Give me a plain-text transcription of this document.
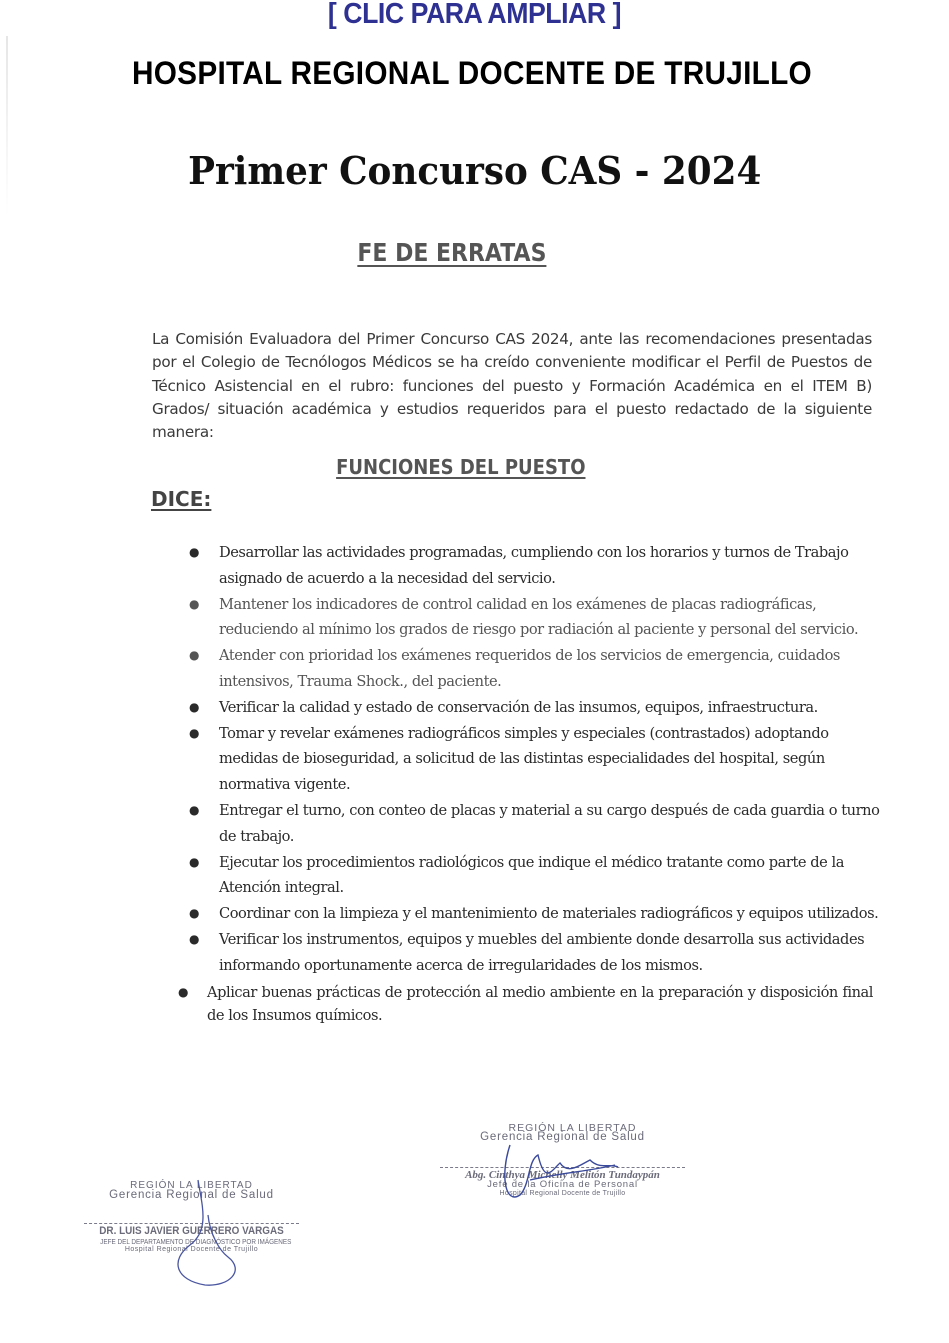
[ CLIC PARA AMPLIAR ]
HOSPITAL REGIONAL DOCENTE DE TRUJILLO
Primer Concurso CAS - 2024
FE DE ERRATAS

La Comisión Evaluadora del Primer Concurso CAS 2024, ante las recomendaciones presentadas por el Colegio de Tecnólogos Médicos se ha creído conveniente modificar el Perfil de Puestos de Técnico Asistencial en el rubro: funciones del puesto y Formación Académica en el ITEM B) Grados/ situación académica y estudios requeridos para el puesto redactado de la siguiente manera:

FUNCIONES DEL PUESTO
DICE:
● Desarrollar las actividades programadas, cumpliendo con los horarios y turnos de Trabajo asignado de acuerdo a la necesidad del servicio.
● Mantener los indicadores de control calidad en los exámenes de placas radiográficas, reduciendo al mínimo los grados de riesgo por radiación al paciente y personal del servicio.
● Atender con prioridad los exámenes requeridos de los servicios de emergencia, cuidados intensivos, Trauma Shock., del paciente.
● Verificar la calidad y estado de conservación de las insumos, equipos, infraestructura.
● Tomar y revelar exámenes radiográficos simples y especiales (contrastados) adoptando medidas de bioseguridad, a solicitud de las distintas especialidades del hospital, según normativa vigente.
● Entregar el turno, con conteo de placas y material a su cargo después de cada guardia o turno de trabajo.
● Ejecutar los procedimientos radiológicos que indique el médico tratante como parte de la Atención integral.
● Coordinar con la limpieza y el mantenimiento de materiales radiográficos y equipos utilizados.
● Verificar los instrumentos, equipos y muebles del ambiente donde desarrolla sus actividades informando oportunamente acerca de irregularidades de los mismos.
● Aplicar buenas prácticas de protección al medio ambiente en la preparación y disposición final de los Insumos químicos.
REGIÓN LA LIBERTAD
Gerencia Regional de Salud
DR. LUIS JAVIER GUERRERO VARGAS
JEFE DEL DEPARTAMENTO DE DIAGNÓSTICO POR IMÁGENES
Hospital Regional Docente de Trujillo
REGIÓN LA LIBERTAD
Gerencia Regional de Salud
Abg. Cinthya Michelly Melitón Tundaypán
Jefe de la Oficina de Personal
Hospital Regional Docente de Trujillo
